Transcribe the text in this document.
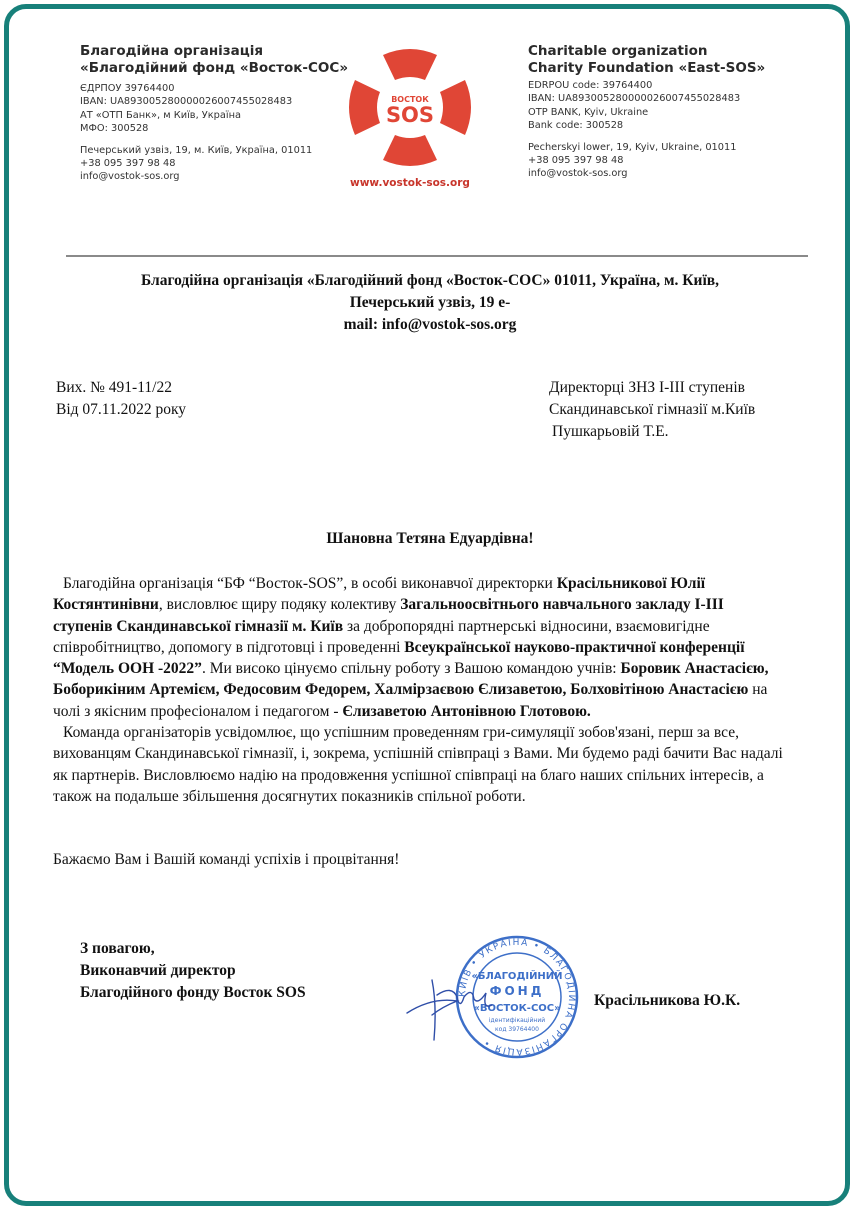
Благодійна організація
«Благодійний фонд «Восток-СОС»
ЄДРПОУ 39764400
IBAN: UA893005280000026007455028483
АТ «ОТП Банк», м Київ, Україна
МФО: 300528
Печерський узвіз, 19, м. Київ, Україна, 01011
+38 095 397 98 48
info@vostok-sos.org
ВОСТОК
SOS
www.vostok-sos.org
Charitable organization
Charity Foundation «East-SOS»
EDRPOU code: 39764400
IBAN: UA893005280000026007455028483
OTP BANK, Kyiv, Ukraine
Bank code: 300528
Pecherskyi lower, 19, Kyiv, Ukraine, 01011
+38 095 397 98 48
info@vostok-sos.org
Благодійна організація «Благодійний фонд «Восток-СОС» 01011, Україна, м. Київ,
Печерський узвіз, 19 е-
mail: info@vostok-sos.org
Вих. № 491-11/22
Від 07.11.2022 року
Директорці ЗНЗ І-ІІІ ступенів
Скандинавської гімназії м.Київ
Пушкарьовій Т.Е.
Шановна Тетяна Едуардівна!

Благодійна організація “БФ “Восток-SOS”, в особі виконавчої директорки Красільникової Юлії Костянтинівни, висловлює щиру подяку колективу Загальноосвітнього навчального закладу І-ІІІ ступенів Скандинавської гімназії м. Київ за добропорядні партнерські відносини, взаємовигідне співробітництво, допомогу в підготовці і проведенні Всеукраїнської науково-практичної конференції “Модель ООН -2022”. Ми високо цінуємо спільну роботу з Вашою командою учнів: Боровик Анастасією, Боборикіним Артемієм, Федосовим Федорем, Халмірзаєвою Єлизаветою, Болховітіною Анастасією на чолі з якісним професіоналом і педагогом - Єлизаветою Антонівною Глотовою.

Команда організаторів усвідомлює, що успішним проведенням гри-симуляції зобов'язані, перш за все, вихованцям Скандинавської гімназії, і, зокрема, успішній співпраці з Вами. Ми будемо раді бачити Вас надалі як партнерів. Висловлюємо надію на продовження успішної співпраці на благо наших спільних інтересів, а також на подальше збільшення досягнутих показників спільної роботи.

Бажаємо Вам і Вашій команді успіхів і процвітання!
З повагою,
Виконавчий директор
Благодійного фонду Восток SOS	КИЇВ • УКРАЇНА • БЛАГОДІЙНА ОРГАНІЗАЦІЯ •
«БЛАГОДІЙНИЙ
ФОНД
«ВОСТОК-СОС»
ідентифікаційний
код 39764400
Красільникова Ю.К.
